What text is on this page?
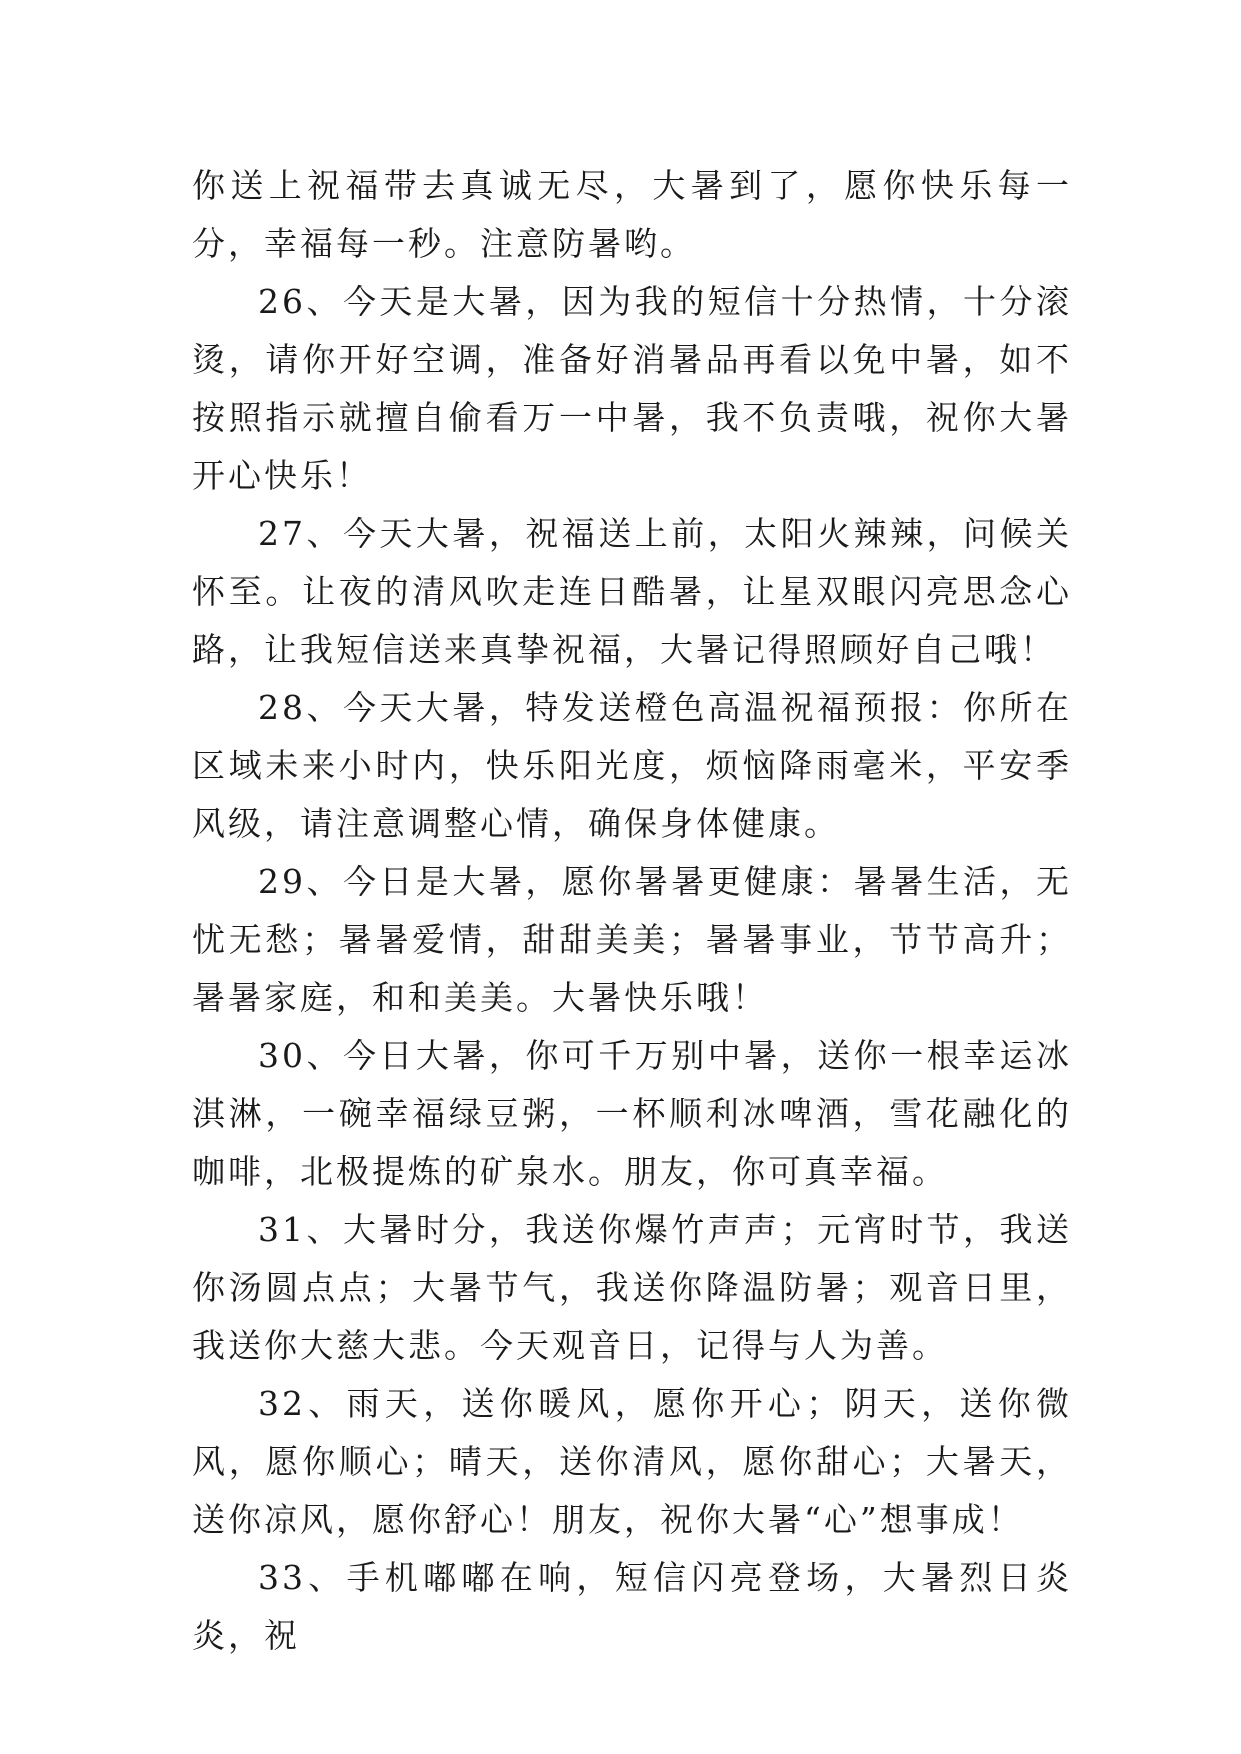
你送上祝福带去真诚无尽，大暑到了，愿你快乐每一分，幸福每一秒。注意防暑哟。

26、今天是大暑，因为我的短信十分热情，十分滚烫，请你开好空调，准备好消暑品再看以免中暑，如不按照指示就擅自偷看万一中暑，我不负责哦，祝你大暑开心快乐！

27、今天大暑，祝福送上前，太阳火辣辣，问候关怀至。让夜的清风吹走连日酷暑，让星双眼闪亮思念心路，让我短信送来真挚祝福，大暑记得照顾好自己哦！

28、今天大暑，特发送橙色高温祝福预报：你所在区域未来小时内，快乐阳光度，烦恼降雨毫米，平安季风级，请注意调整心情，确保身体健康。

29、今日是大暑，愿你暑暑更健康：暑暑生活，无忧无愁；暑暑爱情，甜甜美美；暑暑事业，节节高升；暑暑家庭，和和美美。大暑快乐哦！

30、今日大暑，你可千万别中暑，送你一根幸运冰淇淋，一碗幸福绿豆粥，一杯顺利冰啤酒，雪花融化的咖啡，北极提炼的矿泉水。朋友，你可真幸福。

31、大暑时分，我送你爆竹声声；元宵时节，我送你汤圆点点；大暑节气，我送你降温防暑；观音日里，我送你大慈大悲。今天观音日，记得与人为善。

32、雨天，送你暖风，愿你开心；阴天，送你微风，愿你顺心；晴天，送你清风，愿你甜心；大暑天，送你凉风，愿你舒心！朋友，祝你大暑“心”想事成！

33、手机嘟嘟在响，短信闪亮登场，大暑烈日炎炎，祝
